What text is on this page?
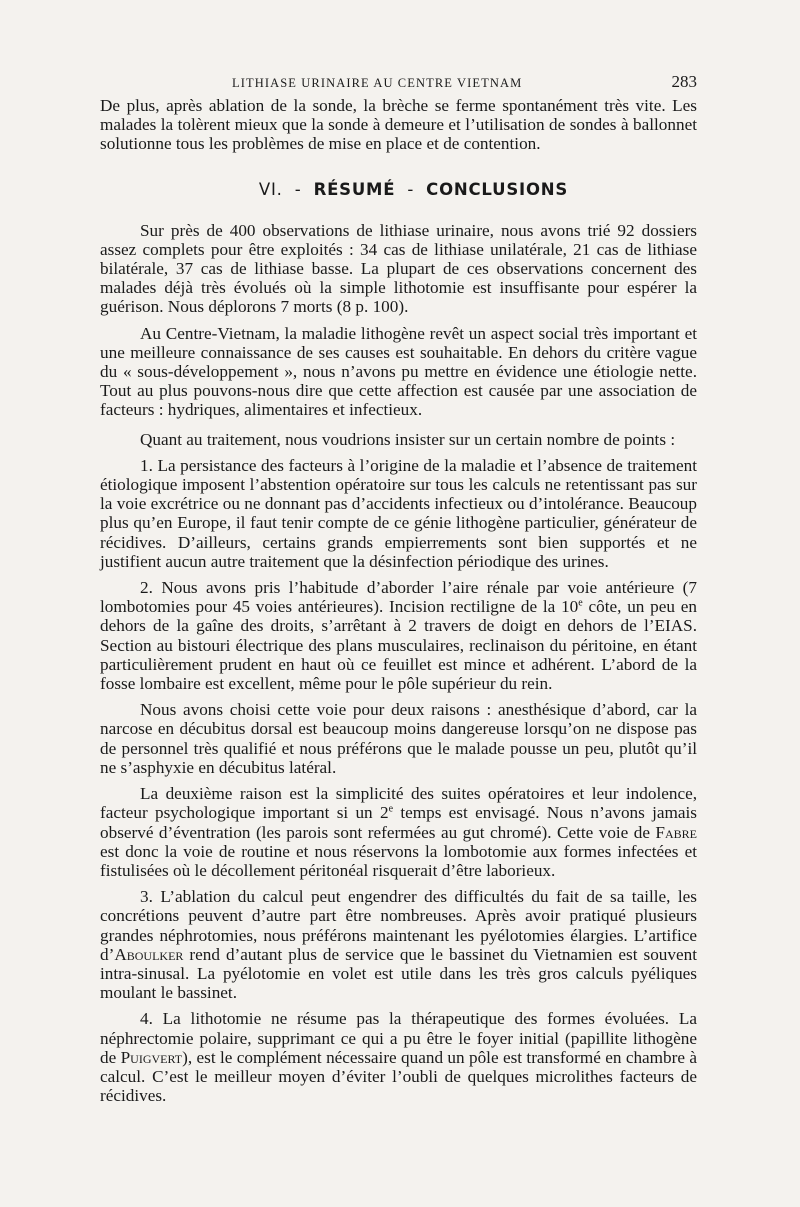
LITHIASE URINAIRE AU CENTRE VIETNAM	283

De plus, après ablation de la sonde, la brèche se ferme spontanément très vite. Les malades la tolèrent mieux que la sonde à demeure et l’utilisation de sondes à ballonnet solutionne tous les problèmes de mise en place et de contention.

VI. - RÉSUMÉ - CONCLUSIONS

Sur près de 400 observations de lithiase urinaire, nous avons trié 92 dossiers assez complets pour être exploités : 34 cas de lithiase unilatérale, 21 cas de lithiase bilatérale, 37 cas de lithiase basse. La plupart de ces observations concernent des malades déjà très évolués où la simple lithotomie est insuffisante pour espérer la guérison. Nous déplorons 7 morts (8 p. 100).

Au Centre-Vietnam, la maladie lithogène revêt un aspect social très important et une meilleure connaissance de ses causes est souhaitable. En dehors du critère vague du « sous-développement », nous n’avons pu mettre en évidence une étiologie nette. Tout au plus pouvons-nous dire que cette affection est causée par une association de facteurs : hydriques, alimentaires et infectieux.

Quant au traitement, nous voudrions insister sur un certain nombre de points :

1. La persistance des facteurs à l’origine de la maladie et l’absence de traitement étiologique imposent l’abstention opératoire sur tous les calculs ne retentissant pas sur la voie excrétrice ou ne donnant pas d’accidents infectieux ou d’intolérance. Beaucoup plus qu’en Europe, il faut tenir compte de ce génie lithogène particulier, générateur de récidives. D’ailleurs, certains grands empierrements sont bien supportés et ne justifient aucun autre traitement que la désinfection périodique des urines.

2. Nous avons pris l’habitude d’aborder l’aire rénale par voie antérieure (7 lombotomies pour 45 voies antérieures). Incision rectiligne de la 10e côte, un peu en dehors de la gaîne des droits, s’arrêtant à 2 travers de doigt en dehors de l’EIAS. Section au bistouri électrique des plans musculaires, reclinaison du péritoine, en étant particulièrement prudent en haut où ce feuillet est mince et adhérent. L’abord de la fosse lombaire est excellent, même pour le pôle supérieur du rein.

Nous avons choisi cette voie pour deux raisons : anesthésique d’abord, car la narcose en décubitus dorsal est beaucoup moins dangereuse lorsqu’on ne dispose pas de personnel très qualifié et nous préférons que le malade pousse un peu, plutôt qu’il ne s’asphyxie en décubitus latéral.

La deuxième raison est la simplicité des suites opératoires et leur indolence, facteur psychologique important si un 2e temps est envisagé. Nous n’avons jamais observé d’éventration (les parois sont refermées au gut chromé). Cette voie de Fabre est donc la voie de routine et nous réservons la lombotomie aux formes infectées et fistulisées où le décollement péritonéal risquerait d’être laborieux.

3. L’ablation du calcul peut engendrer des difficultés du fait de sa taille, les concrétions peuvent d’autre part être nombreuses. Après avoir pratiqué plusieurs grandes néphrotomies, nous préférons maintenant les pyélotomies élargies. L’artifice d’Aboulker rend d’autant plus de service que le bassinet du Vietnamien est souvent intra-sinusal. La pyélotomie en volet est utile dans les très gros calculs pyéliques moulant le bassinet.

4. La lithotomie ne résume pas la thérapeutique des formes évoluées. La néphrectomie polaire, supprimant ce qui a pu être le foyer initial (papillite lithogène de Puigvert), est le complément nécessaire quand un pôle est transformé en chambre à calcul. C’est le meilleur moyen d’éviter l’oubli de quelques microlithes facteurs de récidives.
